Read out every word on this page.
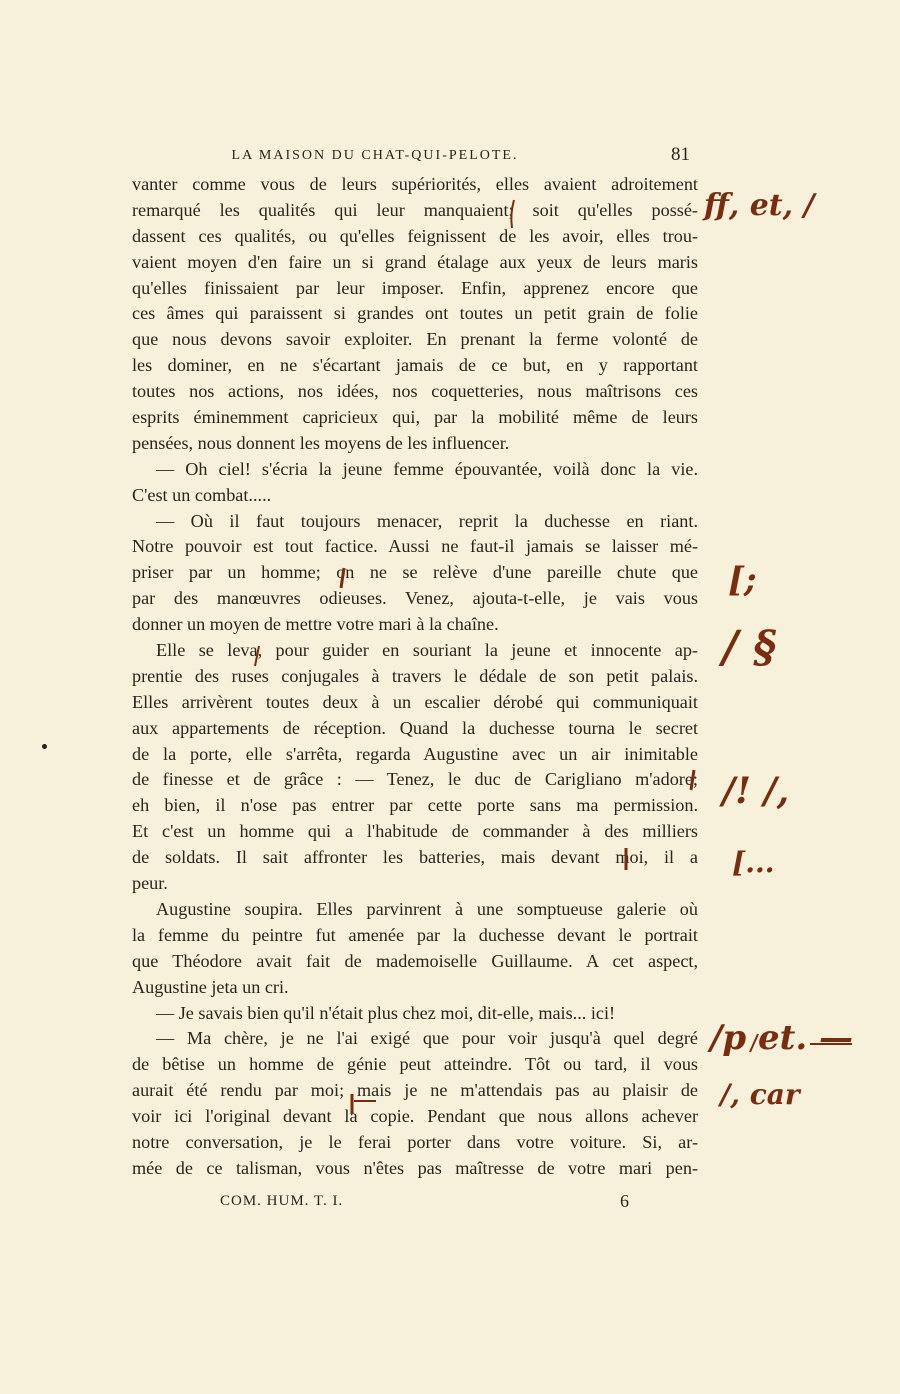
LA MAISON DU CHAT-QUI-PELOTE.	81
vanter comme vous de leurs supériorités, elles avaient adroitement
remarqué les qualités qui leur manquaient; soit qu'elles possé-
dassent ces qualités, ou qu'elles feignissent de les avoir, elles trou-
vaient moyen d'en faire un si grand étalage aux yeux de leurs maris
qu'elles finissaient par leur imposer. Enfin, apprenez encore que
ces âmes qui paraissent si grandes ont toutes un petit grain de folie
que nous devons savoir exploiter. En prenant la ferme volonté de
les dominer, en ne s'écartant jamais de ce but, en y rapportant
toutes nos actions, nos idées, nos coquetteries, nous maîtrisons ces
esprits éminemment capricieux qui, par la mobilité même de leurs
pensées, nous donnent les moyens de les influencer.
— Oh ciel! s'écria la jeune femme épouvantée, voilà donc la vie.
C'est un combat.....
— Où il faut toujours menacer, reprit la duchesse en riant.
Notre pouvoir est tout factice. Aussi ne faut-il jamais se laisser mé-
priser par un homme; on ne se relève d'une pareille chute que
par des manœuvres odieuses. Venez, ajouta-t-elle, je vais vous
donner un moyen de mettre votre mari à la chaîne.
Elle se leva, pour guider en souriant la jeune et innocente ap-
prentie des ruses conjugales à travers le dédale de son petit palais.
Elles arrivèrent toutes deux à un escalier dérobé qui communiquait
aux appartements de réception. Quand la duchesse tourna le secret
de la porte, elle s'arrêta, regarda Augustine avec un air inimitable
de finesse et de grâce : — Tenez, le duc de Carigliano m'adore;
eh bien, il n'ose pas entrer par cette porte sans ma permission.
Et c'est un homme qui a l'habitude de commander à des milliers
de soldats. Il sait affronter les batteries, mais devant moi, il a
peur.
Augustine soupira. Elles parvinrent à une somptueuse galerie où
la femme du peintre fut amenée par la duchesse devant le portrait
que Théodore avait fait de mademoiselle Guillaume. A cet aspect,
Augustine jeta un cri.
— Je savais bien qu'il n'était plus chez moi, dit-elle, mais... ici!
— Ma chère, je ne l'ai exigé que pour voir jusqu'à quel degré
de bêtise un homme de génie peut atteindre. Tôt ou tard, il vous
aurait été rendu par moi; mais je ne m'attendais pas au plaisir de
voir ici l'original devant la copie. Pendant que nous allons achever
notre conversation, je le ferai porter dans votre voiture. Si, ar-
mée de ce talisman, vous n'êtes pas maîtresse de votre mari pen-
COM. HUM. T. I.	6
ff, et, /
[;
/ §
/! /,
[...
/p et. —
/, car
